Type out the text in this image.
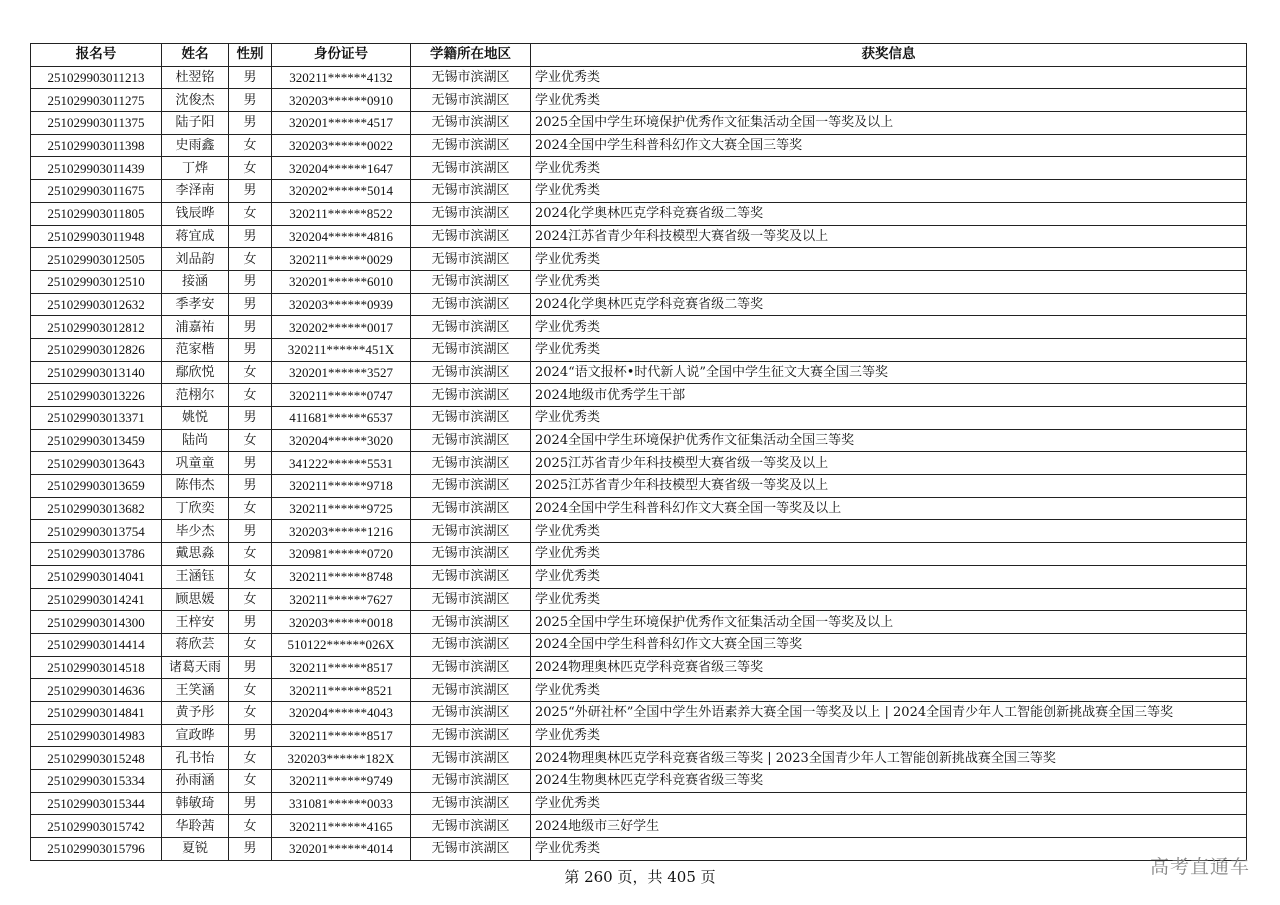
报名号	姓名	性别	身份证号	学籍所在地区	获奖信息
251029903011213	杜翌铭	男	320211******4132	无锡市滨湖区	学业优秀类
251029903011275	沈俊杰	男	320203******0910	无锡市滨湖区	学业优秀类
251029903011375	陆子阳	男	320201******4517	无锡市滨湖区	2025全国中学生环境保护优秀作文征集活动全国一等奖及以上
251029903011398	史雨鑫	女	320203******0022	无锡市滨湖区	2024全国中学生科普科幻作文大赛全国三等奖
251029903011439	丁烨	女	320204******1647	无锡市滨湖区	学业优秀类
251029903011675	李泽南	男	320202******5014	无锡市滨湖区	学业优秀类
251029903011805	钱辰晔	女	320211******8522	无锡市滨湖区	2024化学奥林匹克学科竞赛省级二等奖
251029903011948	蒋宜成	男	320204******4816	无锡市滨湖区	2024江苏省青少年科技模型大赛省级一等奖及以上
251029903012505	刘品韵	女	320211******0029	无锡市滨湖区	学业优秀类
251029903012510	接涵	男	320201******6010	无锡市滨湖区	学业优秀类
251029903012632	季孝安	男	320203******0939	无锡市滨湖区	2024化学奥林匹克学科竞赛省级二等奖
251029903012812	浦嘉祐	男	320202******0017	无锡市滨湖区	学业优秀类
251029903012826	范家楷	男	320211******451X	无锡市滨湖区	学业优秀类
251029903013140	鄢欣悦	女	320201******3527	无锡市滨湖区	2024“语文报杯•时代新人说”全国中学生征文大赛全国三等奖
251029903013226	范栩尔	女	320211******0747	无锡市滨湖区	2024地级市优秀学生干部
251029903013371	姚悦	男	411681******6537	无锡市滨湖区	学业优秀类
251029903013459	陆尚	女	320204******3020	无锡市滨湖区	2024全国中学生环境保护优秀作文征集活动全国三等奖
251029903013643	巩童童	男	341222******5531	无锡市滨湖区	2025江苏省青少年科技模型大赛省级一等奖及以上
251029903013659	陈伟杰	男	320211******9718	无锡市滨湖区	2025江苏省青少年科技模型大赛省级一等奖及以上
251029903013682	丁欣奕	女	320211******9725	无锡市滨湖区	2024全国中学生科普科幻作文大赛全国一等奖及以上
251029903013754	毕少杰	男	320203******1216	无锡市滨湖区	学业优秀类
251029903013786	戴思淼	女	320981******0720	无锡市滨湖区	学业优秀类
251029903014041	王涵钰	女	320211******8748	无锡市滨湖区	学业优秀类
251029903014241	顾思媛	女	320211******7627	无锡市滨湖区	学业优秀类
251029903014300	王梓安	男	320203******0018	无锡市滨湖区	2025全国中学生环境保护优秀作文征集活动全国一等奖及以上
251029903014414	蒋欣芸	女	510122******026X	无锡市滨湖区	2024全国中学生科普科幻作文大赛全国三等奖
251029903014518	诸葛天雨	男	320211******8517	无锡市滨湖区	2024物理奥林匹克学科竞赛省级三等奖
251029903014636	王笑涵	女	320211******8521	无锡市滨湖区	学业优秀类
251029903014841	黄予彤	女	320204******4043	无锡市滨湖区	2025“外研社杯”全国中学生外语素养大赛全国一等奖及以上 | 2024全国青少年人工智能创新挑战赛全国三等奖
251029903014983	宣政晔	男	320211******8517	无锡市滨湖区	学业优秀类
251029903015248	孔书怡	女	320203******182X	无锡市滨湖区	2024物理奥林匹克学科竞赛省级三等奖 | 2023全国青少年人工智能创新挑战赛全国三等奖
251029903015334	孙雨涵	女	320211******9749	无锡市滨湖区	2024生物奥林匹克学科竞赛省级三等奖
251029903015344	韩敏琦	男	331081******0033	无锡市滨湖区	学业优秀类
251029903015742	华聆茜	女	320211******4165	无锡市滨湖区	2024地级市三好学生
251029903015796	夏锐	男	320201******4014	无锡市滨湖区	学业优秀类
第 260 页，共 405 页	高考直通车
